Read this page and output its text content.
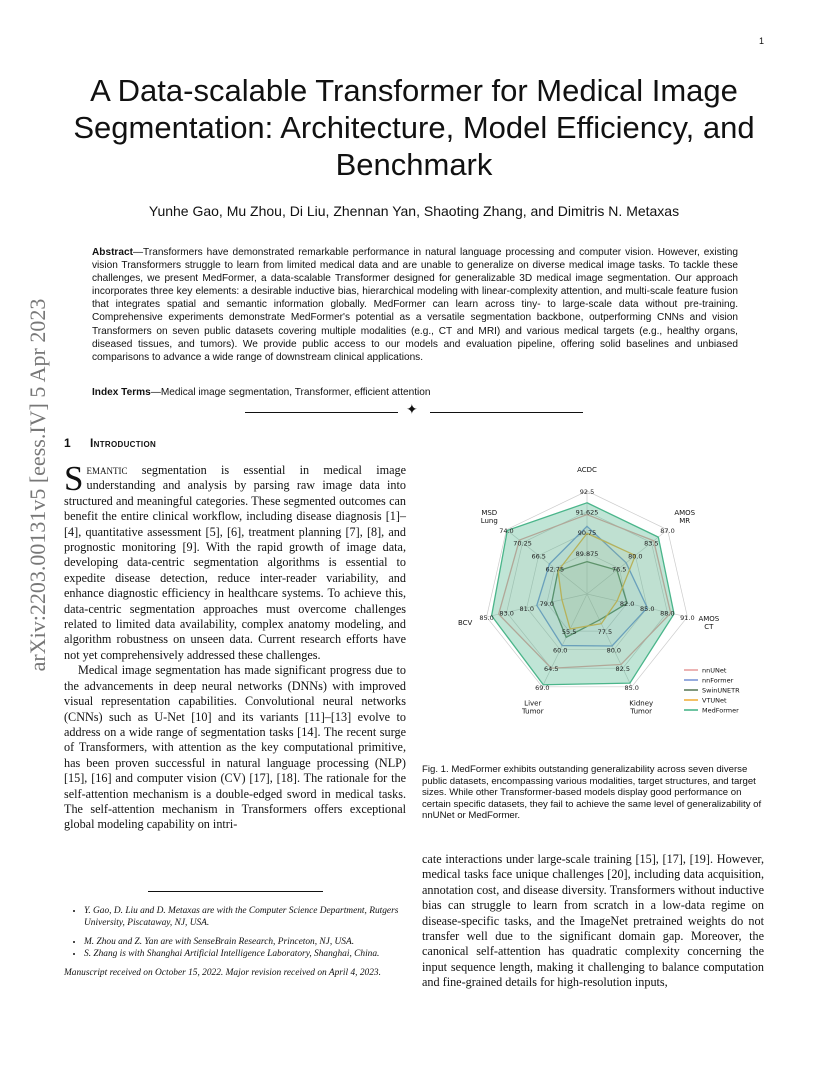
1
A Data-scalable Transformer for Medical Image Segmentation: Architecture, Model Efficiency, and Benchmark
Yunhe Gao, Mu Zhou, Di Liu, Zhennan Yan, Shaoting Zhang, and Dimitris N. Metaxas
Abstract—Transformers have demonstrated remarkable performance in natural language processing and computer vision. However, existing vision Transformers struggle to learn from limited medical data and are unable to generalize on diverse medical image tasks. To tackle these challenges, we present MedFormer, a data-scalable Transformer designed for generalizable 3D medical image segmentation. Our approach incorporates three key elements: a desirable inductive bias, hierarchical modeling with linear-complexity attention, and multi-scale feature fusion that integrates spatial and semantic information globally. MedFormer can learn across tiny- to large-scale data without pre-training. Comprehensive experiments demonstrate MedFormer's potential as a versatile segmentation backbone, outperforming CNNs and vision Transformers on seven public datasets covering multiple modalities (e.g., CT and MRI) and various medical targets (e.g., healthy organs, diseased tissues, and tumors). We provide public access to our models and evaluation pipeline, offering solid baselines and unbiased comparisons to advance a wide range of downstream clinical applications.
Index Terms—Medical image segmentation, Transformer, efficient attention
✦
arXiv:2203.00131v5 [eess.IV] 5 Apr 2023 1 Introduction

Semantic segmentation is essential in medical image understanding and analysis by parsing raw image data into structured and meaningful categories. These segmented outcomes can benefit the entire clinical workflow, including disease diagnosis [1]–[4], quantitative assessment [5], [6], treatment planning [7], [8], and prognostic monitoring [9]. With the rapid growth of image data, developing data-centric segmentation algorithms is essential to expedite disease detection, reduce inter-reader variability, and enhance diagnostic efficiency in healthcare systems. To achieve this, data-centric segmentation approaches must overcome challenges related to limited data availability, complex anatomy modeling, and algorithm robustness on unseen data. Current research efforts have not yet comprehensively addressed these challenges.

Medical image segmentation has made significant progress due to the advancements in deep neural networks (DNNs) with improved visual representation capabilities. Convolutional neural networks (CNNs) such as U-Net [10] and its variants [11]–[13] evolve to address on a wide range of segmentation tasks [14]. The recent surge of Transformers, with attention as the key computational primitive, has been proven successful in natural language processing (NLP) [15], [16] and computer vision (CV) [17], [18]. The rationale for the self-attention mechanism is a double-edged sword in medical tasks. The self-attention mechanism in Transformers offers exceptional global modeling capability on intri-

• Y. Gao, D. Liu and D. Metaxas are with the Computer Science Department, Rutgers University, Piscataway, NJ, USA.
• M. Zhou and Z. Yan are with SenseBrain Research, Princeton, NJ, USA.
• S. Zhang is with Shanghai Artificial Intelligence Laboratory, Shanghai, China.
Manuscript received on October 15, 2022. Major revision received on April 4, 2023.
89.875
90.75
91.625
92.5
76.5
80.0
83.5
87.0
82.0
85.0
88.0
91.0
77.5
80.0
82.5
85.0
55.5
60.0
64.5
69.0
79.0
81.0
83.0
85.0
62.75
66.5
70.25
74.0
ACDC
AMOS
MR
AMOS
CT
Kidney
Tumor
Liver
Tumor
BCV
MSD
Lung
nnUNet
nnFormer
SwinUNETR
VTUNet
MedFormer
Fig. 1. MedFormer exhibits outstanding generalizability across seven diverse public datasets, encompassing various modalities, target structures, and target sizes. While other Transformer-based models display good performance on certain specific datasets, they fail to achieve the same level of generalizability of nnUNet or MedFormer.
cate interactions under large-scale training [15], [17], [19]. However, medical tasks face unique challenges [20], including data acquisition, annotation cost, and disease diversity. Transformers without inductive bias can struggle to learn from scratch in a low-data regime on disease-specific tasks, and the ImageNet pretrained weights do not transfer well due to the significant domain gap. Moreover, the canonical self-attention has quadratic complexity concerning the input sequence length, making it challenging to balance computation and fine-grained details for high-resolution inputs,
